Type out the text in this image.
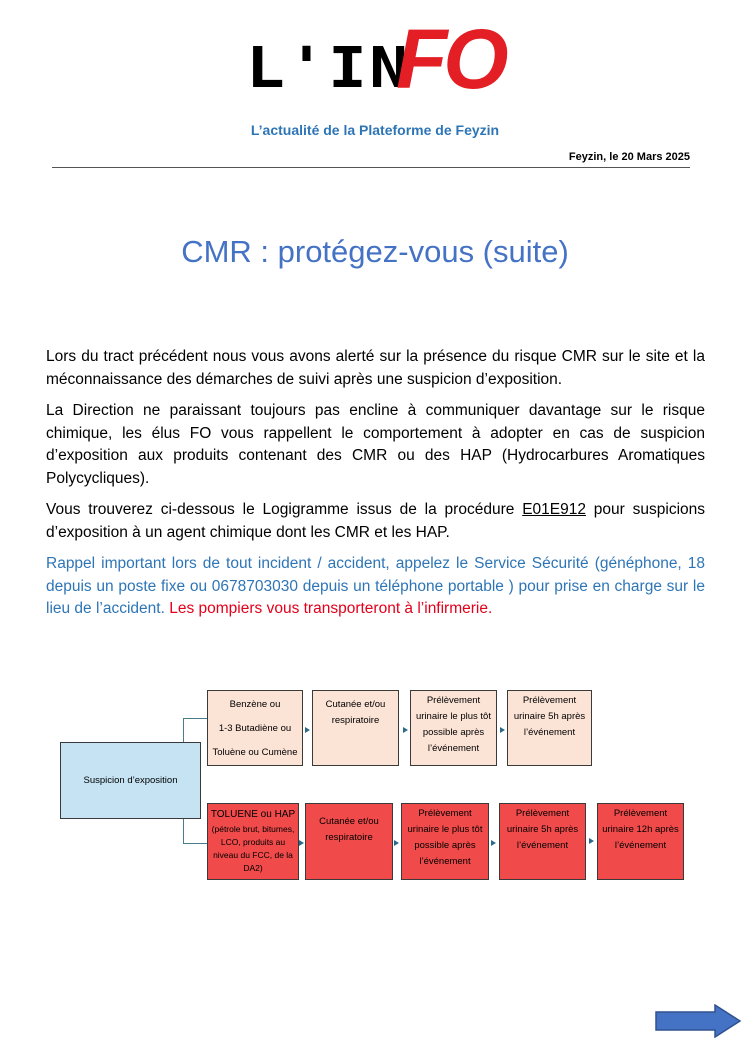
L'IN
FO
L’actualité de la Plateforme de Feyzin
Feyzin, le 20 Mars 2025
CMR : protégez-vous (suite)

Lors du tract précédent nous vous avons alerté sur la présence du risque CMR sur le site et la méconnaissance des démarches de suivi après une suspicion d’exposition.

La Direction ne paraissant toujours pas encline à communiquer davantage sur le risque chimique, les élus FO vous rappellent le comportement à adopter en cas de suspicion d’exposition aux produits contenant des CMR ou des HAP (Hydrocarbures Aromatiques Polycycliques).

Vous trouverez ci-dessous le Logigramme issus de la procédure E01E912 pour suspicions d’exposition à un agent chimique dont les CMR et les HAP.

Rappel important lors de tout incident / accident, appelez le Service Sécurité (généphone, 18 depuis un poste fixe ou 0678703030 depuis un téléphone portable ) pour prise en charge sur le lieu de l’accident. Les pompiers vous transporteront à l’infirmerie.

Suspicion d’exposition
Benzène ou
1-3 Butadiène ou
Toluène ou Cumène
Cutanée et/ou respiratoire
Prélèvement urinaire le plus tôt possible après l’événement
Prélèvement urinaire 5h après l’événement
TOLUENE ou HAP
(pétrole brut, bitumes, LCO, produits au niveau du FCC, de la DA2)
Cutanée et/ou respiratoire
Prélèvement urinaire le plus tôt possible après l’événement
Prélèvement urinaire 5h après l’événement
Prélèvement urinaire 12h après l’événement
